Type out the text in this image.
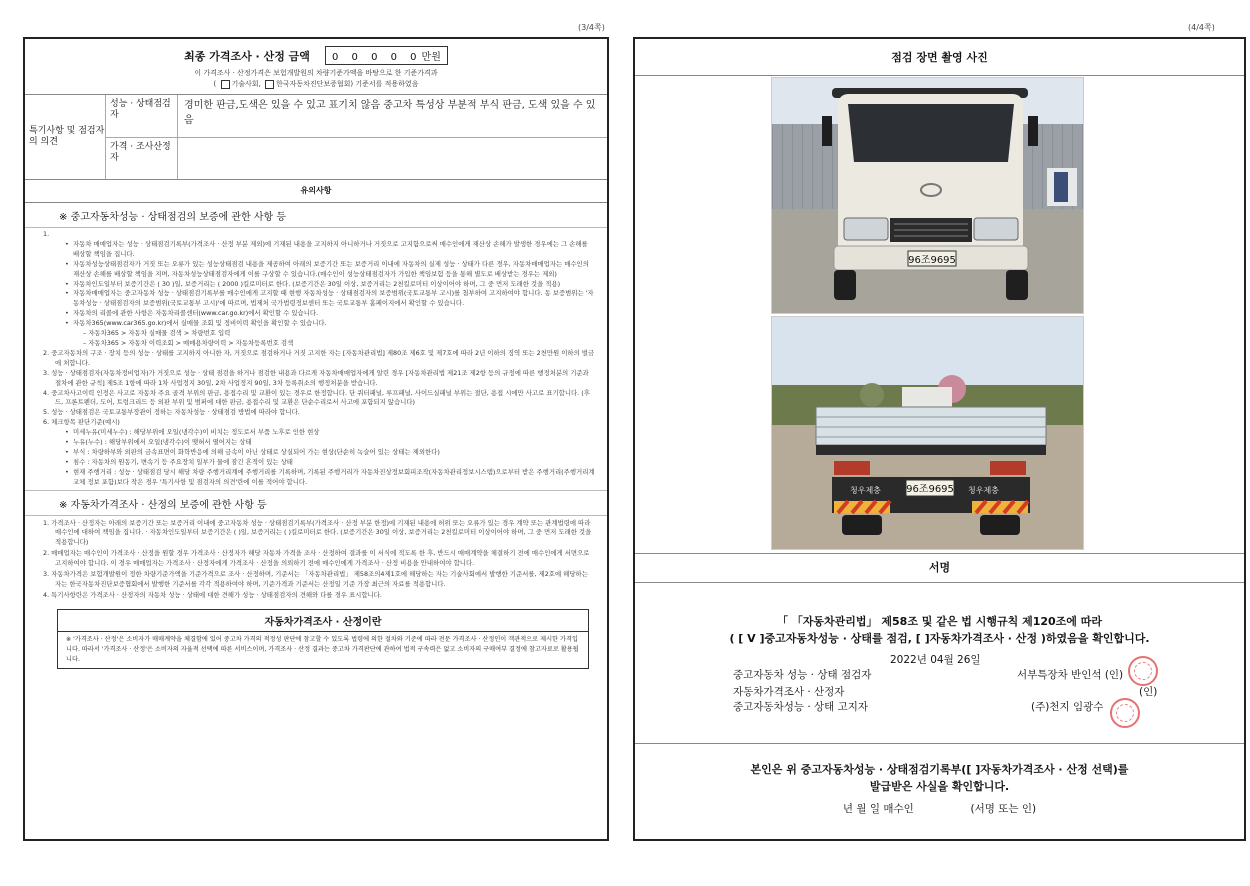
(3/4쪽)
최종 가격조사 · 산정 금액 0 0 0 0 0만원
이 가격조사 · 산정가격은 보험개발원의 차량기준가액을 바탕으로 한 기준가격과
( 기술사회, 한국자동차진단보증협회) 기준서를 적용하였음
특기사항 및 점검자의 의견
성능 · 상태점검자
경미한 판금,도색은 있을 수 있고 표기치 않음 중고차 특성상 부분적 부식 판금, 도색 있을 수 있음
가격 · 조사산정자
유의사항
※ 중고자동차성능 · 상태점검의 보증에 관한 사항 등
1.
• 자동차 매매업자는 성능 · 상태점검기록부(가격조사 · 산정 부분 제외)에 기재된 내용을 고지하지 아니하거나 거짓으로 고지함으로써 매수인에게 재산상 손해가 발생한 경우에는 그 손해를 배상할 책임을 집니다.
• 자동차성능상태점검자가 거짓 또는 오류가 있는 성능상태점검 내용을 제공하여 아래의 보증기간 또는 보증거리 이내에 자동차의 실제 성능 · 상태가 다른 경우, 자동차매매업자는 매수인의 재산상 손해를 배상할 책임을 지며, 자동차성능상태점검자에게 이를 구상할 수 있습니다.(매수인이 성능상태점검자가 가입한 책임보험 등을 통해 별도로 배상받는 경우는 제외)
• 자동차인도일부터 보증기간은 ( 30 )일, 보증거리는 ( 2000 )킬로미터로 한다. (보증기간은 30일 이상, 보증거리는 2천킬로미터 이상이어야 하며, 그 중 먼저 도래한 것을 적용)
• 자동차매매업자는 중고자동차 성능 · 상태점검기록부를 매수인에게 고지할 때 현행 자동차성능 · 상태점검자의 보증범위(국토교통부 고시)를 첨부하여 고지하여야 합니다. 동 보증범위는 '자동차성능 · 상태점검자의 보증범위(국토교통부 고시)'에 따르며, 법제처 국가법령정보센터 또는 국토교통부 홈페이지에서 확인할 수 있습니다.
• 자동차의 리콜에 관한 사항은 자동차리콜센터(www.car.go.kr)에서 확인할 수 있습니다.
• 자동차365(www.car365.go.kr)에서 실매물 조회 및 정비이력 확인을 확인할 수 있습니다.
– 자동차365 > 자동차 실매물 검색 > 차량번호 입력
– 자동차365 > 자동차 이력조회 > 매매용차량이력 > 자동차등록번호 검색
2. 중고자동차의 구조 · 장치 등의 성능 · 상태를 고지하지 아니한 자, 거짓으로 점검하거나 거짓 고지한 자는 [자동차관리법] 제80조 제6호 및 제7호에 따라 2년 이하의 징역 또는 2천만원 이하의 벌금에 처합니다.
3. 성능 · 상태점검자(자동차정비업자)가 거짓으로 성능 · 상태 점검을 하거나 점검한 내용과 다르게 자동차매매업자에게 알린 경우 [자동차관리법 제21조 제2항 등의 규정에 따른 행정처분의 기준과 절차에 관한 규칙] 제5조 1항에 따라 1차 사업정지 30일, 2차 사업정지 90일, 3차 등록취소의 행정처분을 받습니다.
4. 중고차사고이력 인정은 사고로 자동차 주요 골격 부위의 판금, 용접수리 및 교환이 있는 경우로 한정합니다. 단 쿼터패널, 루프패널, 사이드실패널 부위는 절단, 용접 시에만 사고로 표기합니다. (후드, 프론트펜더, 도어, 트렁크리드 등 외판 부위 및 범퍼에 대한 판금, 용접수리 및 교환은 단순수리로서 사고에 포함되지 않습니다)
5. 성능 · 상태점검은 국토교통부장관이 정하는 자동차성능 · 상태점검 방법에 따라야 합니다.
6. 체크항목 판단기준(예시)
• 미세누유(미세누수) : 해당부위에 오일(냉각수)이 비치는 정도로서 부품 노후로 인한 현상
• 누유(누수) : 해당부위에서 오일(냉각수)이 맺혀서 떨어지는 상태
• 부식 : 차량하부와 외판의 금속표면이 화학반응에 의해 금속이 아닌 상태로 상실되어 가는 현상(단순히 녹슬어 있는 상태는 제외한다)
• 침수 : 자동차의 원동기, 변속기 등 주요장치 일부가 물에 잠긴 흔적이 있는 상태
• 현재 주행거리 : 성능 · 상태점검 당시 해당 차량 주행거리계에 주행거리를 기록하며, 기록된 주행거리가 자동차진상정보회피조작(자동차관리정보시스템)으로부터 받은 주행거리(주행거리계 교체 정보 포함)보다 작은 경우 '특기사항 및 점검자의 의견'란에 이를 적어야 합니다.
※ 자동차가격조사 · 산정의 보증에 관한 사항 등
1. 가격조사 · 산정자는 아래의 보증기간 또는 보증거리 이내에 중고자동차 성능 · 상태점검기록부(가격조사 · 산정 부분 한정)에 기재된 내용에 허위 또는 오류가 있는 경우 계약 또는 관계법령에 따라 매수인에 대하여 책임을 집니다. · 자동차인도일부터 보증기간은 ( )일, 보증거리는 ( )킬로미터로 한다. (보증기간은 30일 이상, 보증거리는 2천킬로미터 이상이어야 하며, 그 중 먼저 도래한 것을 적용합니다)
2. 매매업자는 매수인이 가격조사 · 산정을 원할 경우 가격조사 · 산정자가 해당 자동차 가격을 조사 · 산정하여 결과를 이 서식에 적도록 한 후, 반드시 매매계약을 체결하기 전에 매수인에게 서면으로 고지하여야 합니다. 이 경우 매매업자는 가격조사 · 산정자에게 가격조사 · 산정을 의뢰하기 전에 매수인에게 가격조사 · 산정 비용을 안내하여야 합니다.
3. 자동차가격은 보험개발원이 정한 차량기준가액을 기준가격으로 조사 · 산정하며, 기준서는 「자동차관리법」 제58조의4제1호에 해당하는 자는 기술사회에서 발행한 기준서를, 제2호에 해당하는 자는 한국자동차진단보증협회에서 발행한 기준서를 각각 적용하여야 하며, 기준가격과 기준서는 산정일 기준 가장 최근의 자료를 적용합니다.
4. 특기사항란은 가격조사 · 산정자의 자동차 성능 · 상태에 대한 견해가 성능 · 상태점검자의 견해와 다를 경우 표시합니다.
자동차가격조사 · 산정이란
※ '가격조사 · 산정'은 소비자가 매매계약을 체결함에 있어 중고차 가격의 적정성 판단에 참고할 수 있도록 법령에 의한 절차와 기준에 따라 전문 가격조사 · 산정인이 객관적으로 제시한 가격입니다. 따라서 '가격조사 · 산정'은 소비자의 자율적 선택에 따른 서비스이며, 가격조사 · 산정 결과는 중고차 가격판단에 관하여 법적 구속력은 없고 소비자의 구매여부 결정에 참고자료로 활용됩니다.
(4/4쪽)
점검 장면 촬영 사진
96조9695
청우제충	청우제충
96조9695
서명
「 「자동차관리법」 제58조 및 같은 법 시행규칙 제120조에 따라
( [ V ]중고자동차성능 · 상태를 점검, [ ]자동차가격조사 · 산정 )하였음을 확인합니다.
2022년 04월 26일
중고자동차 성능 · 상태 점검자	서부특장차 반인석 (인)
자동차가격조사 · 산정자	(인)
중고자동차성능 · 상태 고지자	(주)천지 임광수
본인은 위 중고자동차성능 · 상태점검기록부([ ]자동차가격조사 · 산정 선택)를
발급받은 사실을 확인합니다.
년 월 일 매수인	(서명 또는 인)
